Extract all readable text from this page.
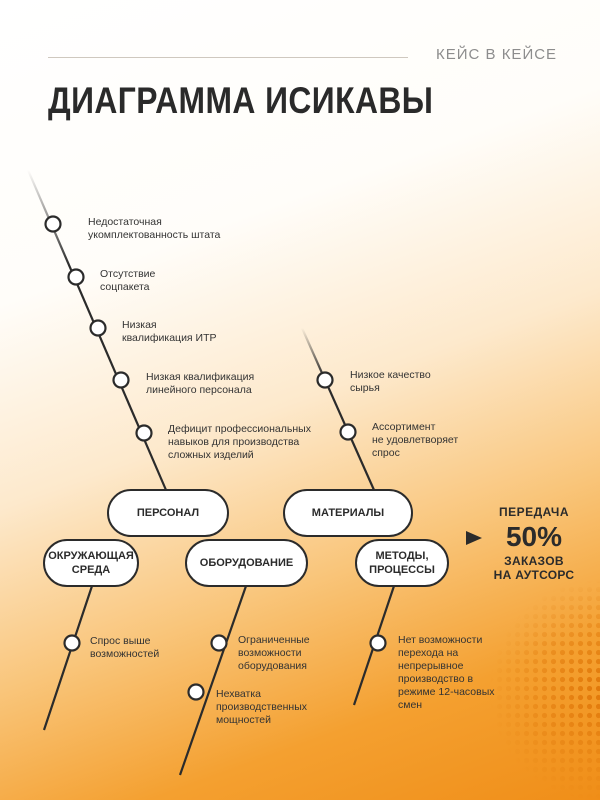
КЕЙС В КЕЙСЕ
ДИАГРАММА ИСИКАВЫ
Недостаточная
укомплектованность штата
Отсутствие
соцпакета
Низкая
квалификация ИТР
Низкая квалификация
линейного персонала
Дефицит профессиональных
навыков для производства
сложных изделий
Низкое качество
сырья
Ассортимент
не удовлетворяет
спрос
Спрос выше
возможностей
Ограниченные
возможности
оборудования
Нехватка
производственных
мощностей
Нет возможности
перехода на
непрерывное
производство в
режиме 12-часовых
смен
ПЕРСОНАЛ	МАТЕРИАЛЫ
ОКРУЖАЮЩАЯ
СРЕДА
ОБОРУДОВАНИЕ
МЕТОДЫ,
ПРОЦЕССЫ
ПЕРЕДАЧА
50%
ЗАКАЗОВ
НА АУТСОРС
